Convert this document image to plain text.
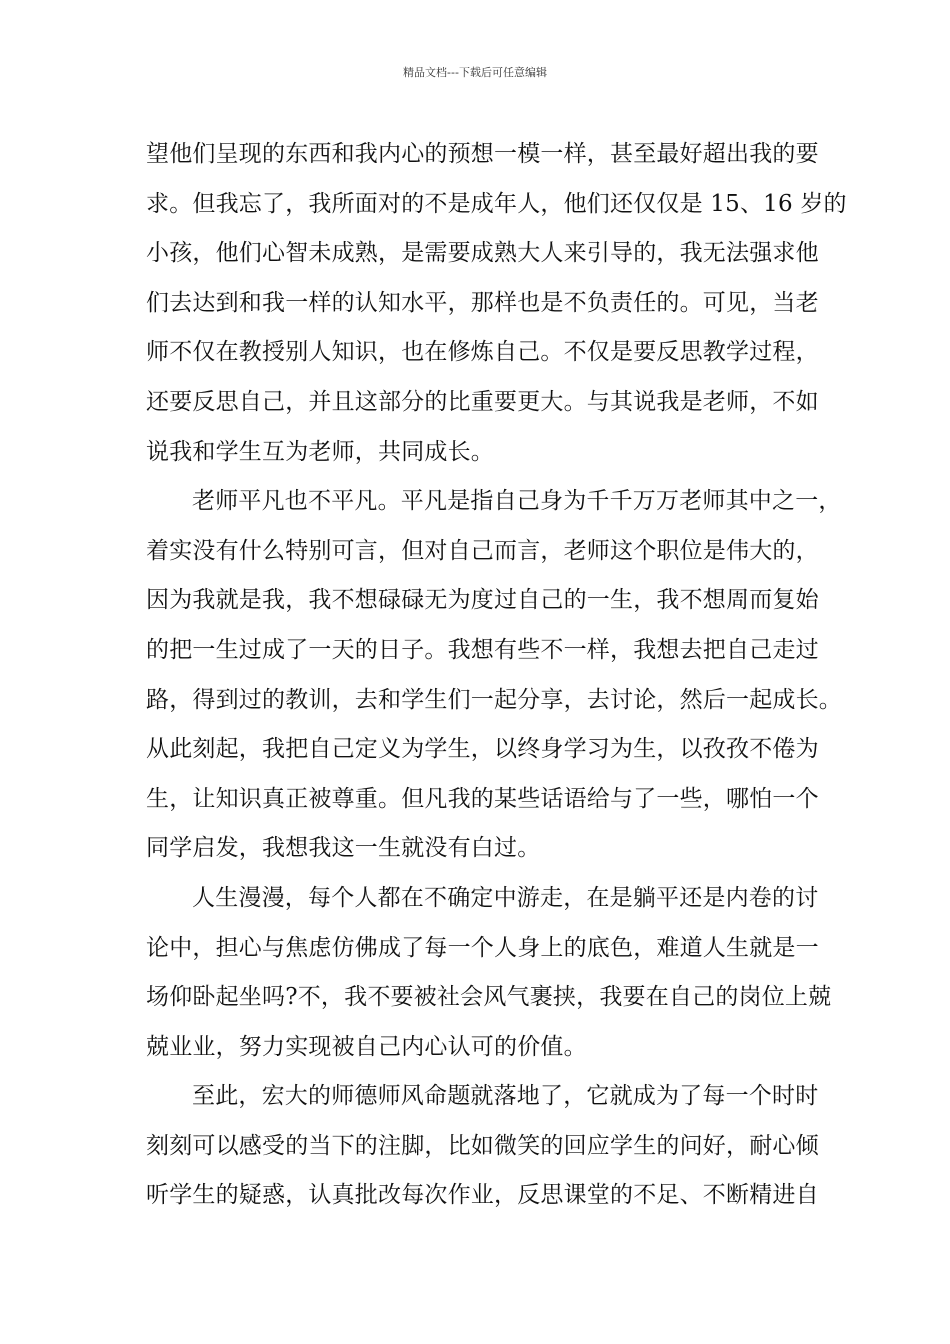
精品文档---下载后可任意编辑
望他们呈现的东西和我内心的预想一模一样，甚至最好超出我的要
求。但我忘了，我所面对的不是成年人，他们还仅仅是 15、16 岁的
小孩，他们心智未成熟，是需要成熟大人来引导的，我无法强求他
们去达到和我一样的认知水平，那样也是不负责任的。可见，当老
师不仅在教授别人知识，也在修炼自己。不仅是要反思教学过程，
还要反思自己，并且这部分的比重要更大。与其说我是老师，不如
说我和学生互为老师，共同成长。
老师平凡也不平凡。平凡是指自己身为千千万万老师其中之一，
着实没有什么特别可言，但对自己而言，老师这个职位是伟大的，
因为我就是我，我不想碌碌无为度过自己的一生，我不想周而复始
的把一生过成了一天的日子。我想有些不一样，我想去把自己走过
路，得到过的教训，去和学生们一起分享，去讨论，然后一起成长。
从此刻起，我把自己定义为学生，以终身学习为生，以孜孜不倦为
生，让知识真正被尊重。但凡我的某些话语给与了一些，哪怕一个
同学启发，我想我这一生就没有白过。
人生漫漫，每个人都在不确定中游走，在是躺平还是内卷的讨
论中，担心与焦虑仿佛成了每一个人身上的底色，难道人生就是一
场仰卧起坐吗?不，我不要被社会风气裹挟，我要在自己的岗位上兢
兢业业，努力实现被自己内心认可的价值。
至此，宏大的师德师风命题就落地了，它就成为了每一个时时
刻刻可以感受的当下的注脚，比如微笑的回应学生的问好，耐心倾
听学生的疑惑，认真批改每次作业，反思课堂的不足、不断精进自
